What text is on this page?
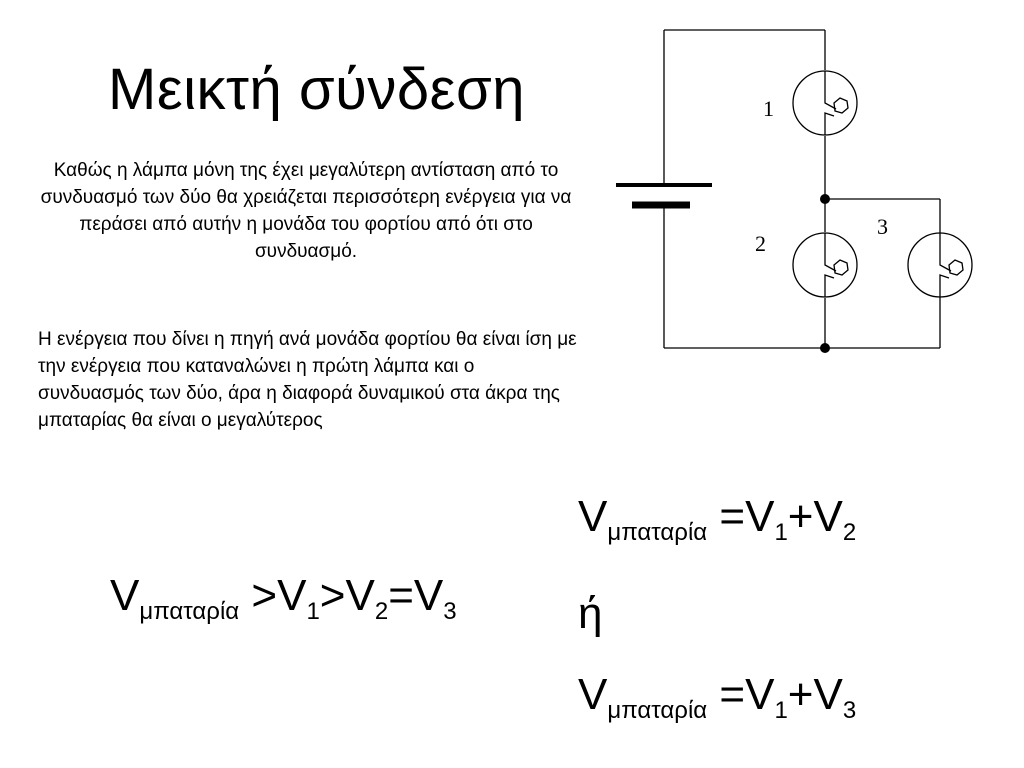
Μεικτή σύνδεση
Καθώς η λάμπα μόνη της έχει μεγαλύτερη αντίσταση από το συνδυασμό των δύο θα χρειάζεται περισσότερη ενέργεια για να περάσει από αυτήν η μονάδα του φορτίου από ότι στο συνδυασμό.
Η ενέργεια που δίνει η πηγή ανά μονάδα φορτίου θα είναι ίση με την ενέργεια που καταναλώνει η πρώτη λάμπα και ο συνδυασμός των δύο, άρα η διαφορά δυναμικού στα άκρα της μπαταρίας θα είναι ο μεγαλύτερος
$V_{\mu\pi\alpha\tau\alpha\rho ί\alpha} >V_1>V_2=V_3$
$V_{\mu\pi\alpha\tau\alpha\rho ί\alpha} =V_1+V_2$
ή
$V_{\mu\pi\alpha\tau\alpha\rho ί\alpha} =V_1+V_3$
1
2
3
